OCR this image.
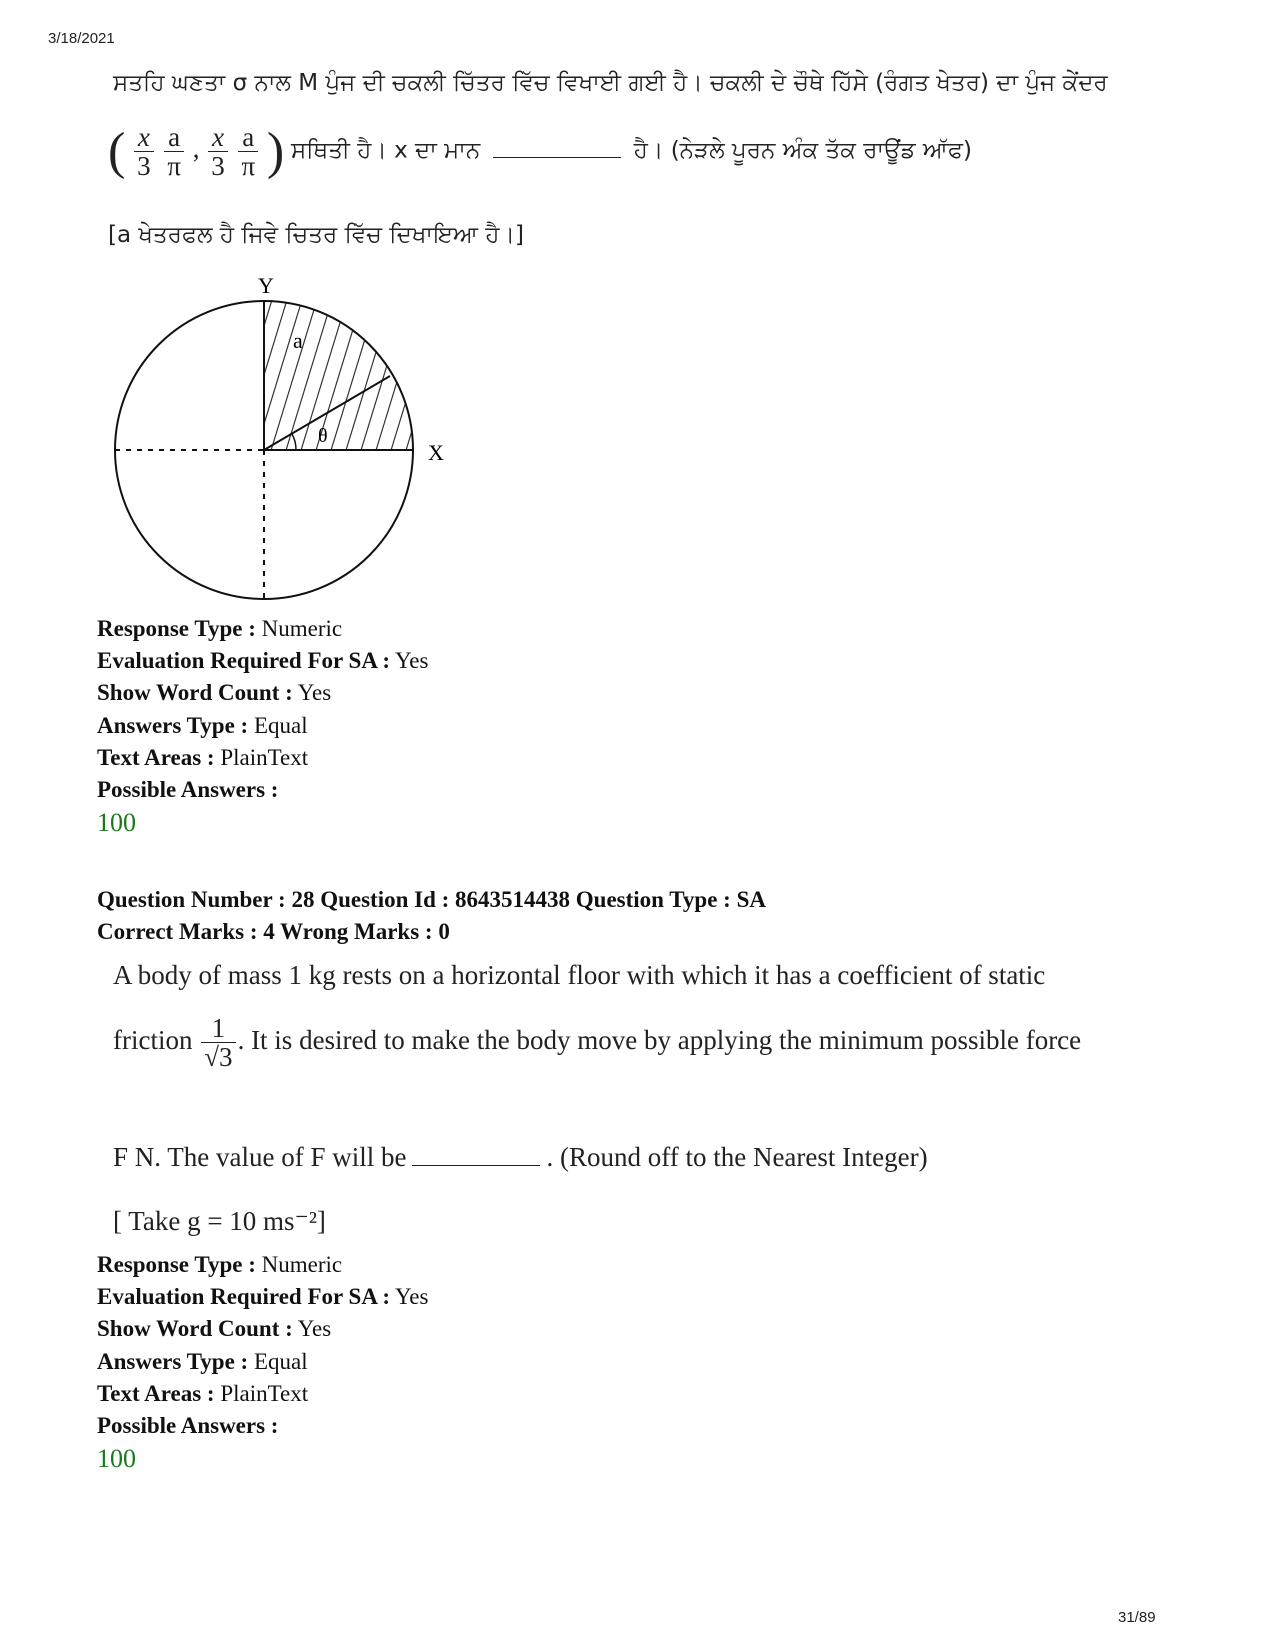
3/18/2021
31/89
ਸਤਹਿ ਘਣਤਾ σ ਨਾਲ M ਪੁੰਜ ਦੀ ਚਕਲੀ ਚਿੱਤਰ ਵਿੱਚ ਵਿਖਾਈ ਗਈ ਹੈ। ਚਕਲੀ ਦੇ ਚੌਥੇ ਹਿੱਸੇ (ਰੰਗਤ ਖੇਤਰ) ਦਾ ਪੁੰਜ ਕੇਂਦਰ
( $\frac{x}{3}$
$\frac{a}{\pi}$ , $\frac{x}{3}$
$\frac{a}{\pi}$ ) ਸਥਿਤੀ ਹੈ। x ਦਾ ਮਾਨ	ਹੈ। (ਨੇੜਲੇ ਪੂਰਨ ਅੰਕ ਤੱਕ ਰਾਊਂਡ ਆੱਫ)
[a ਖੇਤਰਫਲ ਹੈ ਜਿਵੇ ਚਿਤਰ ਵਿੱਚ ਦਿਖਾਇਆ ਹੈ।]
Y
X
a
θ
Response Type : Numeric
Evaluation Required For SA : Yes
Show Word Count : Yes
Answers Type : Equal
Text Areas : PlainText
Possible Answers :
100
Question Number : 28 Question Id : 8643514438 Question Type : SA
Correct Marks : 4 Wrong Marks : 0
A body of mass 1 kg rests on a horizontal floor with which it has a coefficient of static
friction $\frac{1}{√3}$ . It is desired to make the body move by applying the minimum possible force
F N. The value of F will be	. (Round off to the Nearest Integer)
[ Take g = 10 ms⁻²]
Response Type : Numeric
Evaluation Required For SA : Yes
Show Word Count : Yes
Answers Type : Equal
Text Areas : PlainText
Possible Answers :
100
